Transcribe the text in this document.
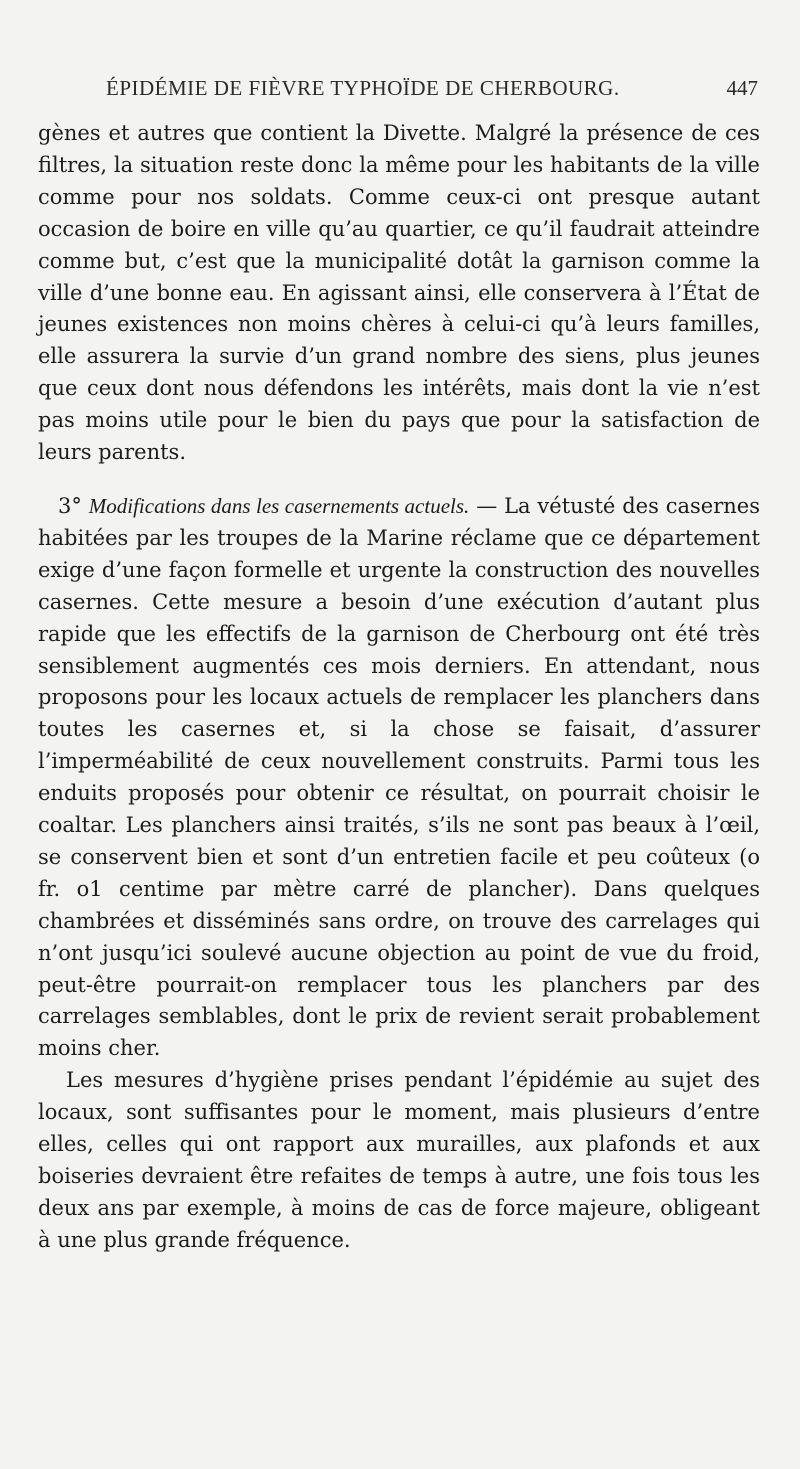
ÉPIDÉMIE DE FIÈVRE TYPHOÏDE DE CHERBOURG.	447

gènes et autres que contient la Divette. Malgré la présence de ces filtres, la situation reste donc la même pour les habitants de la ville comme pour nos soldats. Comme ceux-ci ont presque autant occasion de boire en ville qu’au quartier, ce qu’il faudrait atteindre comme but, c’est que la municipalité dotât la garnison comme la ville d’une bonne eau. En agissant ainsi, elle conservera à l’État de jeunes existences non moins chères à celui-ci qu’à leurs familles, elle assurera la survie d’un grand nombre des siens, plus jeunes que ceux dont nous défendons les intérêts, mais dont la vie n’est pas moins utile pour le bien du pays que pour la satisfaction de leurs parents.

3° Modifications dans les casernements actuels. — La vétusté des casernes habitées par les troupes de la Marine réclame que ce département exige d’une façon formelle et urgente la construction des nouvelles casernes. Cette mesure a besoin d’une exécution d’autant plus rapide que les effectifs de la garnison de Cherbourg ont été très sensiblement augmentés ces mois derniers. En attendant, nous proposons pour les locaux actuels de remplacer les planchers dans toutes les casernes et, si la chose se faisait, d’assurer l’imperméabilité de ceux nouvellement construits. Parmi tous les enduits proposés pour obtenir ce résultat, on pourrait choisir le coaltar. Les planchers ainsi traités, s’ils ne sont pas beaux à l’œil, se conservent bien et sont d’un entretien facile et peu coûteux (o fr. o1 centime par mètre carré de plancher). Dans quelques chambrées et disséminés sans ordre, on trouve des carrelages qui n’ont jusqu’ici soulevé aucune objection au point de vue du froid, peut-être pourrait-on remplacer tous les planchers par des carrelages semblables, dont le prix de revient serait probablement moins cher.

Les mesures d’hygiène prises pendant l’épidémie au sujet des locaux, sont suffisantes pour le moment, mais plusieurs d’entre elles, celles qui ont rapport aux murailles, aux plafonds et aux boiseries devraient être refaites de temps à autre, une fois tous les deux ans par exemple, à moins de cas de force majeure, obligeant à une plus grande fréquence.
